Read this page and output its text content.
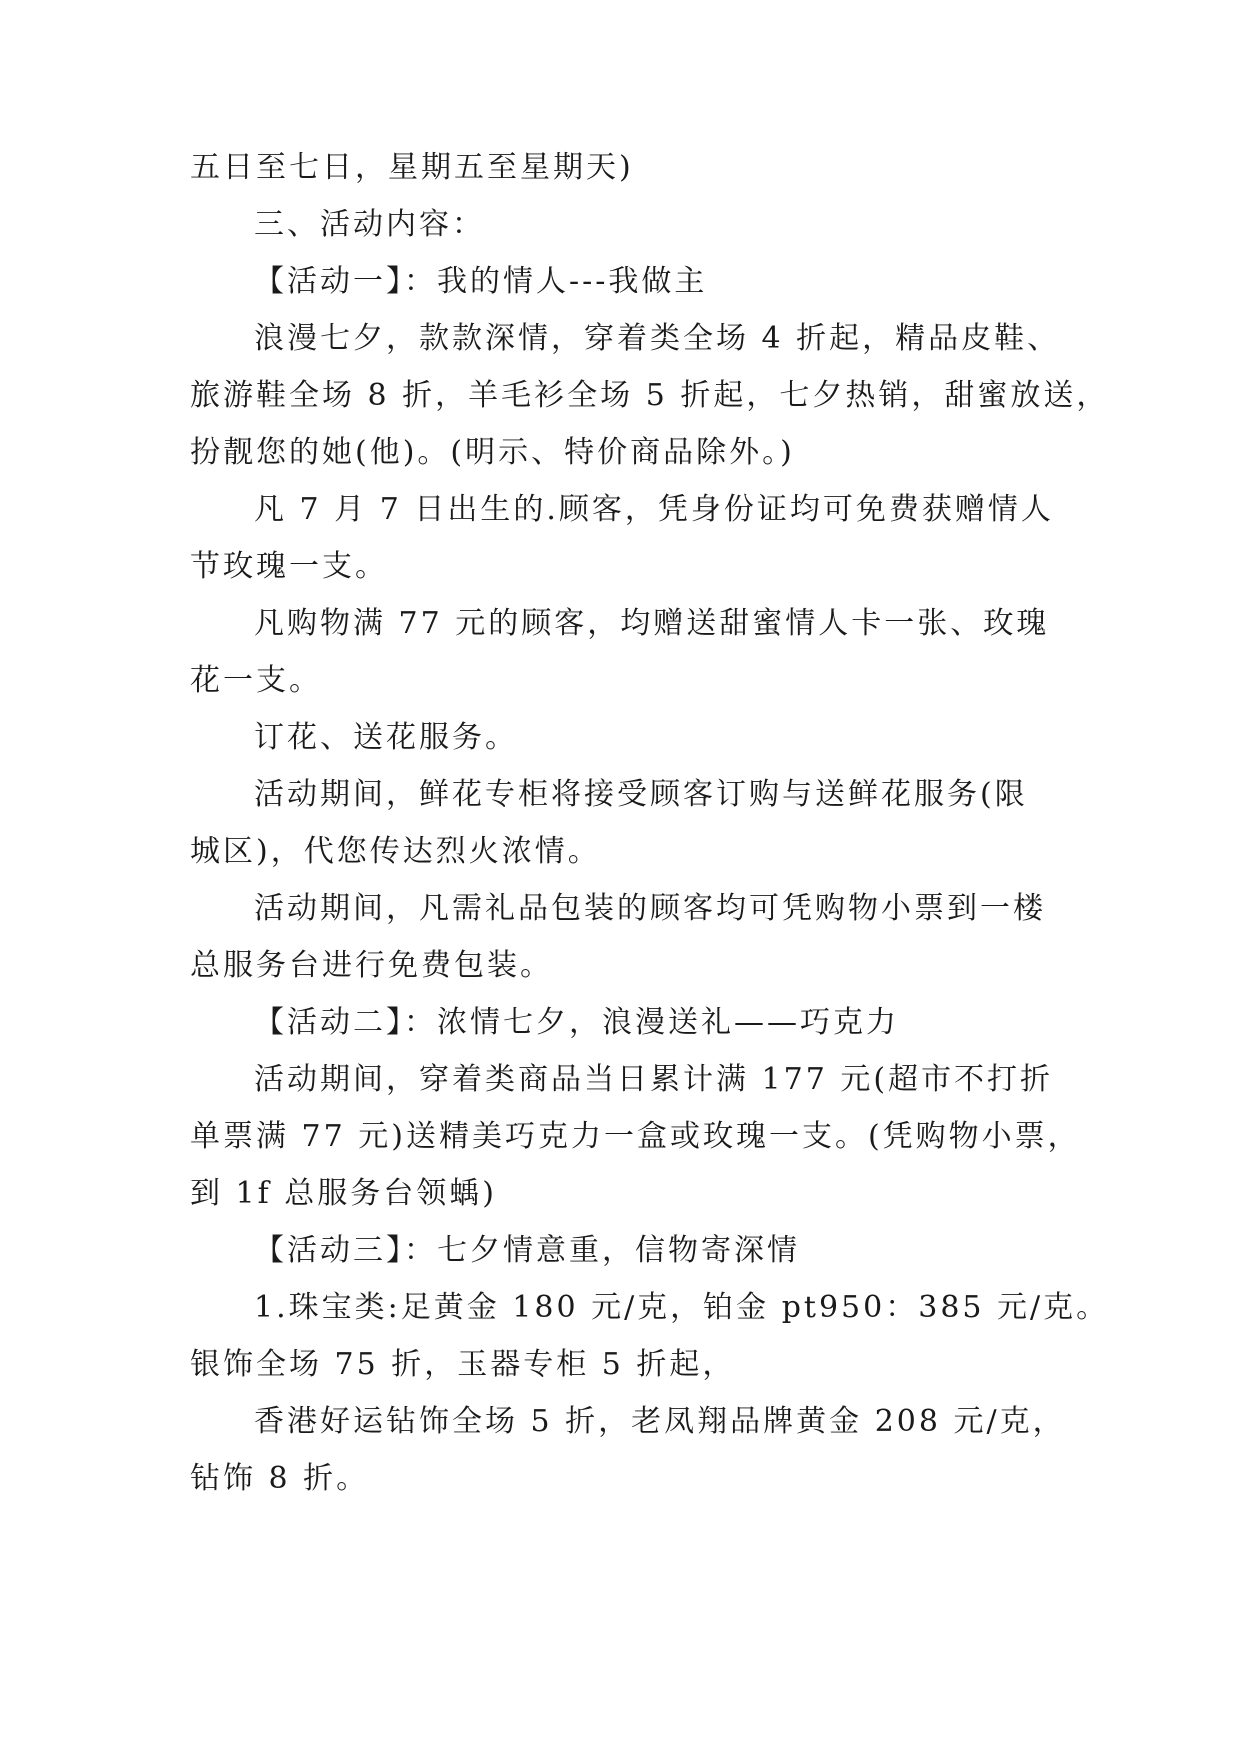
五日至七日，星期五至星期天)
三、活动内容：
【活动一】：我的情人---我做主
浪漫七夕，款款深情，穿着类全场 4 折起，精品皮鞋、
旅游鞋全场 8 折，羊毛衫全场 5 折起，七夕热销，甜蜜放送，
扮靓您的她(他)。(明示、特价商品除外。)
凡 7 月 7 日出生的.顾客，凭身份证均可免费获赠情人
节玫瑰一支。
凡购物满 77 元的顾客，均赠送甜蜜情人卡一张、玫瑰
花一支。
订花、送花服务。
活动期间，鲜花专柜将接受顾客订购与送鲜花服务(限
城区)，代您传达烈火浓情。
活动期间，凡需礼品包装的顾客均可凭购物小票到一楼
总服务台进行免费包装。
【活动二】：浓情七夕，浪漫送礼——巧克力
活动期间，穿着类商品当日累计满 177 元(超市不打折
单票满 77 元)送精美巧克力一盒或玫瑰一支。(凭购物小票，
到 1f 总服务台领蝺)
【活动三】：七夕情意重，信物寄深情
1.珠宝类:足黄金 180 元/克，铂金 pt950：385 元/克。
银饰全场 75 折，玉器专柜 5 折起，
香港好运钻饰全场 5 折，老凤翔品牌黄金 208 元/克，
钻饰 8 折。
